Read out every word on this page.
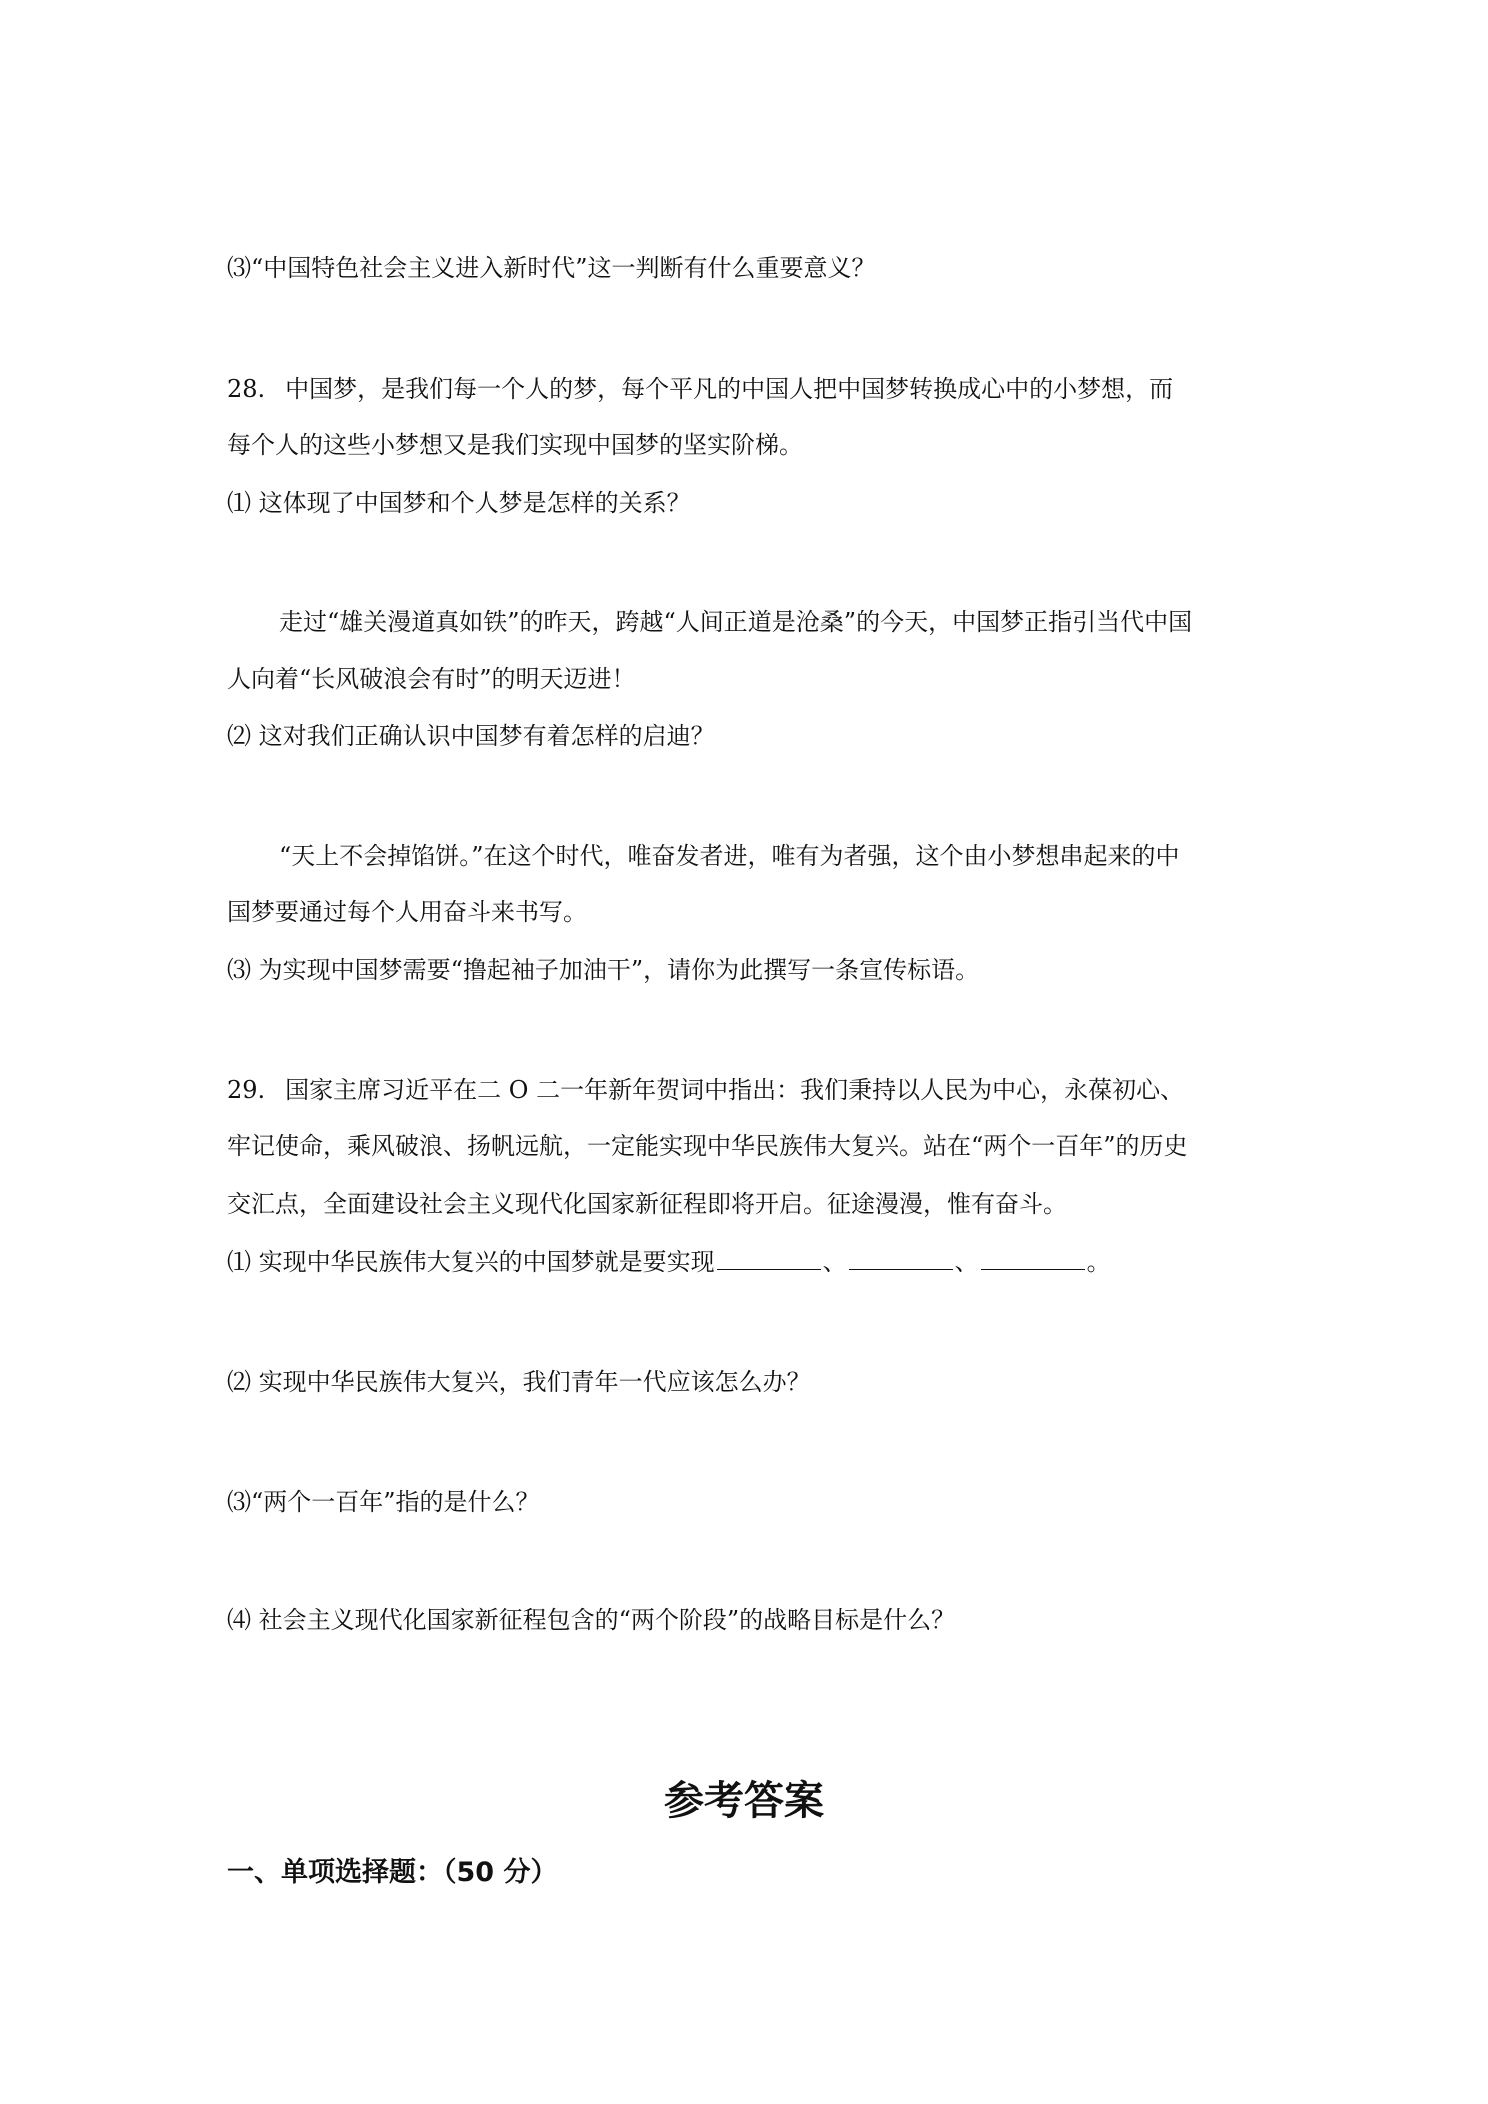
⑶“中国特色社会主义进入新时代”这一判断有什么重要意义？
28. 中国梦，是我们每一个人的梦，每个平凡的中国人把中国梦转换成心中的小梦想，而
每个人的这些小梦想又是我们实现中国梦的坚实阶梯。
⑴ 这体现了中国梦和个人梦是怎样的关系？
走过“雄关漫道真如铁”的昨天，跨越“人间正道是沧桑”的今天，中国梦正指引当代中国
人向着“长风破浪会有时”的明天迈进！
⑵ 这对我们正确认识中国梦有着怎样的启迪？
“天上不会掉馅饼。”在这个时代，唯奋发者进，唯有为者强，这个由小梦想串起来的中
国梦要通过每个人用奋斗来书写。
⑶ 为实现中国梦需要“撸起袖子加油干”，请你为此撰写一条宣传标语。
29. 国家主席习近平在二 O 二一年新年贺词中指出：我们秉持以人民为中心，永葆初心、
牢记使命，乘风破浪、扬帆远航，一定能实现中华民族伟大复兴。站在“两个一百年”的历史
交汇点，全面建设社会主义现代化国家新征程即将开启。征途漫漫，惟有奋斗。
⑴ 实现中华民族伟大复兴的中国梦就是要实现	、	、	。
⑵ 实现中华民族伟大复兴，我们青年一代应该怎么办？
⑶“两个一百年”指的是什么？
⑷ 社会主义现代化国家新征程包含的“两个阶段”的战略目标是什么？
参考答案
一、单项选择题：（50 分）
